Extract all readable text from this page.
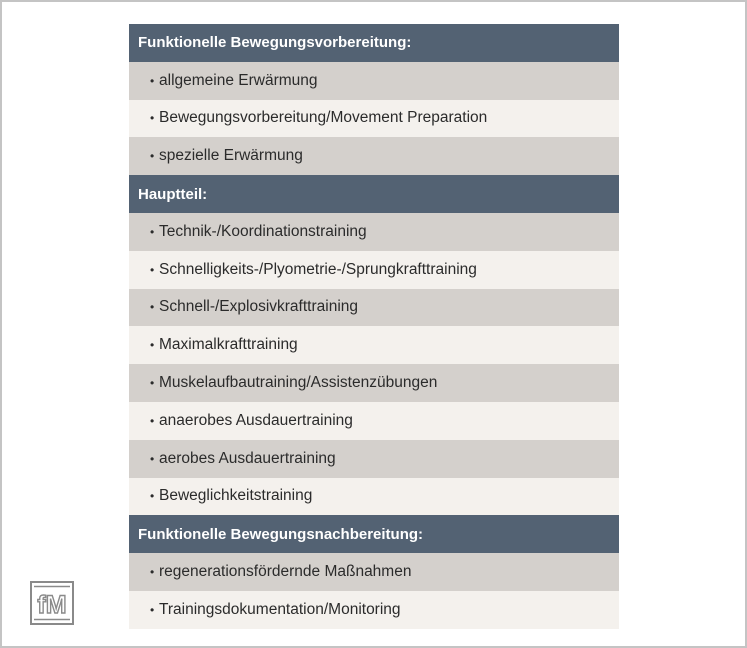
Funktionelle Bewegungsvorbereitung:
• allgemeine Erwärmung
• Bewegungsvorbereitung/Movement Preparation
• spezielle Erwärmung
Hauptteil:
• Technik-/Koordinationstraining
• Schnelligkeits-/Plyometrie-/Sprungkrafttraining
• Schnell-/Explosivkrafttraining
• Maximalkrafttraining
• Muskelaufbautraining/Assistenzübungen
• anaerobes Ausdauertraining
• aerobes Ausdauertraining
• Beweglichkeitstraining
Funktionelle Bewegungsnachbereitung:
• regenerationsfördernde Maßnahmen
• Trainingsdokumentation/Monitoring
fM
